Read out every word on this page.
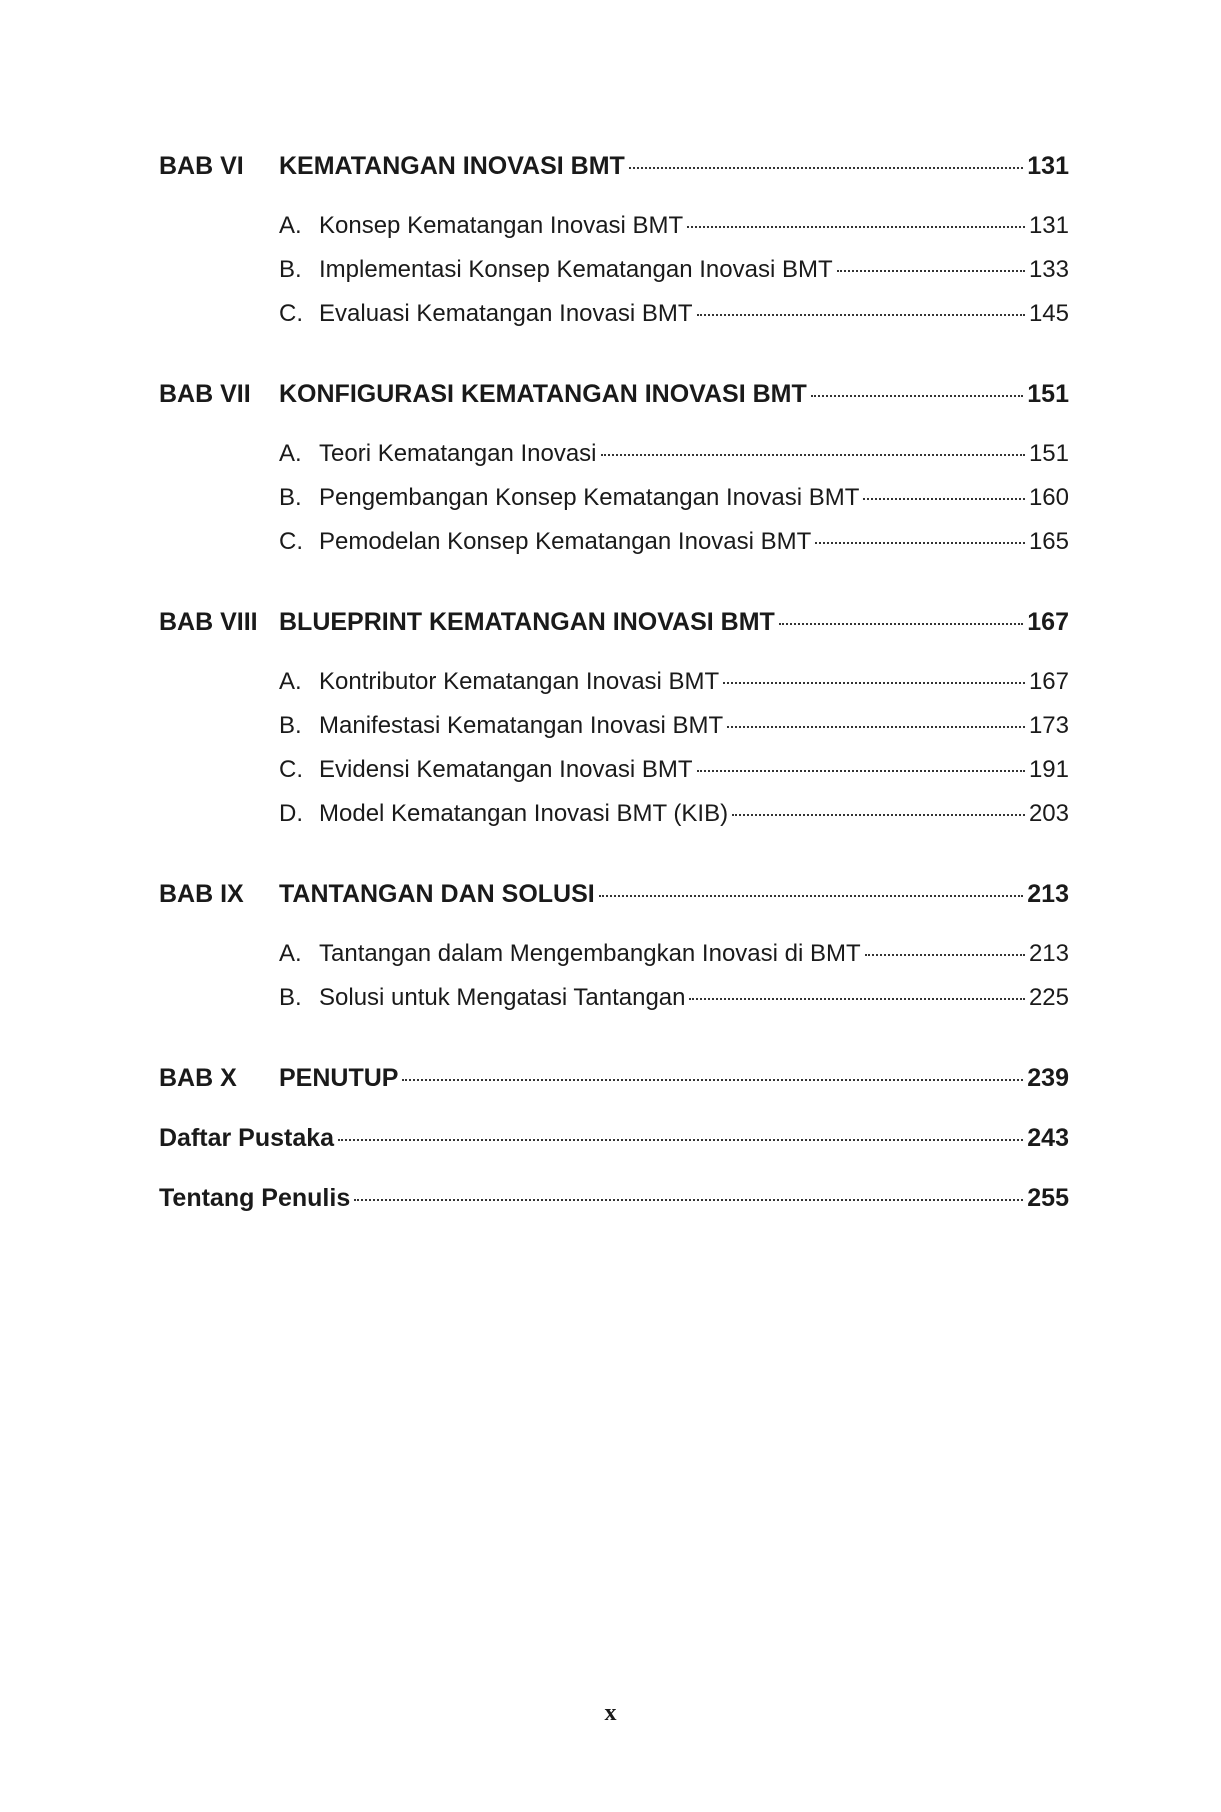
BAB VI	KEMATANGAN INOVASI BMT	131
A. Konsep Kematangan Inovasi BMT	131
B. Implementasi Konsep Kematangan Inovasi BMT	133
C. Evaluasi Kematangan Inovasi BMT	145
BAB VII	KONFIGURASI KEMATANGAN INOVASI BMT	151
A. Teori Kematangan Inovasi	151
B. Pengembangan Konsep Kematangan Inovasi BMT	160
C. Pemodelan Konsep Kematangan Inovasi BMT	165
BAB VIII BLUEPRINT KEMATANGAN INOVASI BMT	167
A. Kontributor Kematangan Inovasi BMT	167
B. Manifestasi Kematangan Inovasi BMT	173
C. Evidensi Kematangan Inovasi BMT	191
D. Model Kematangan Inovasi BMT (KIB)	203
BAB IX	TANTANGAN DAN SOLUSI	213
A. Tantangan dalam Mengembangkan Inovasi di BMT	213
B. Solusi untuk Mengatasi Tantangan	225
BAB X	PENUTUP	239
Daftar Pustaka	243
Tentang Penulis	255
x
